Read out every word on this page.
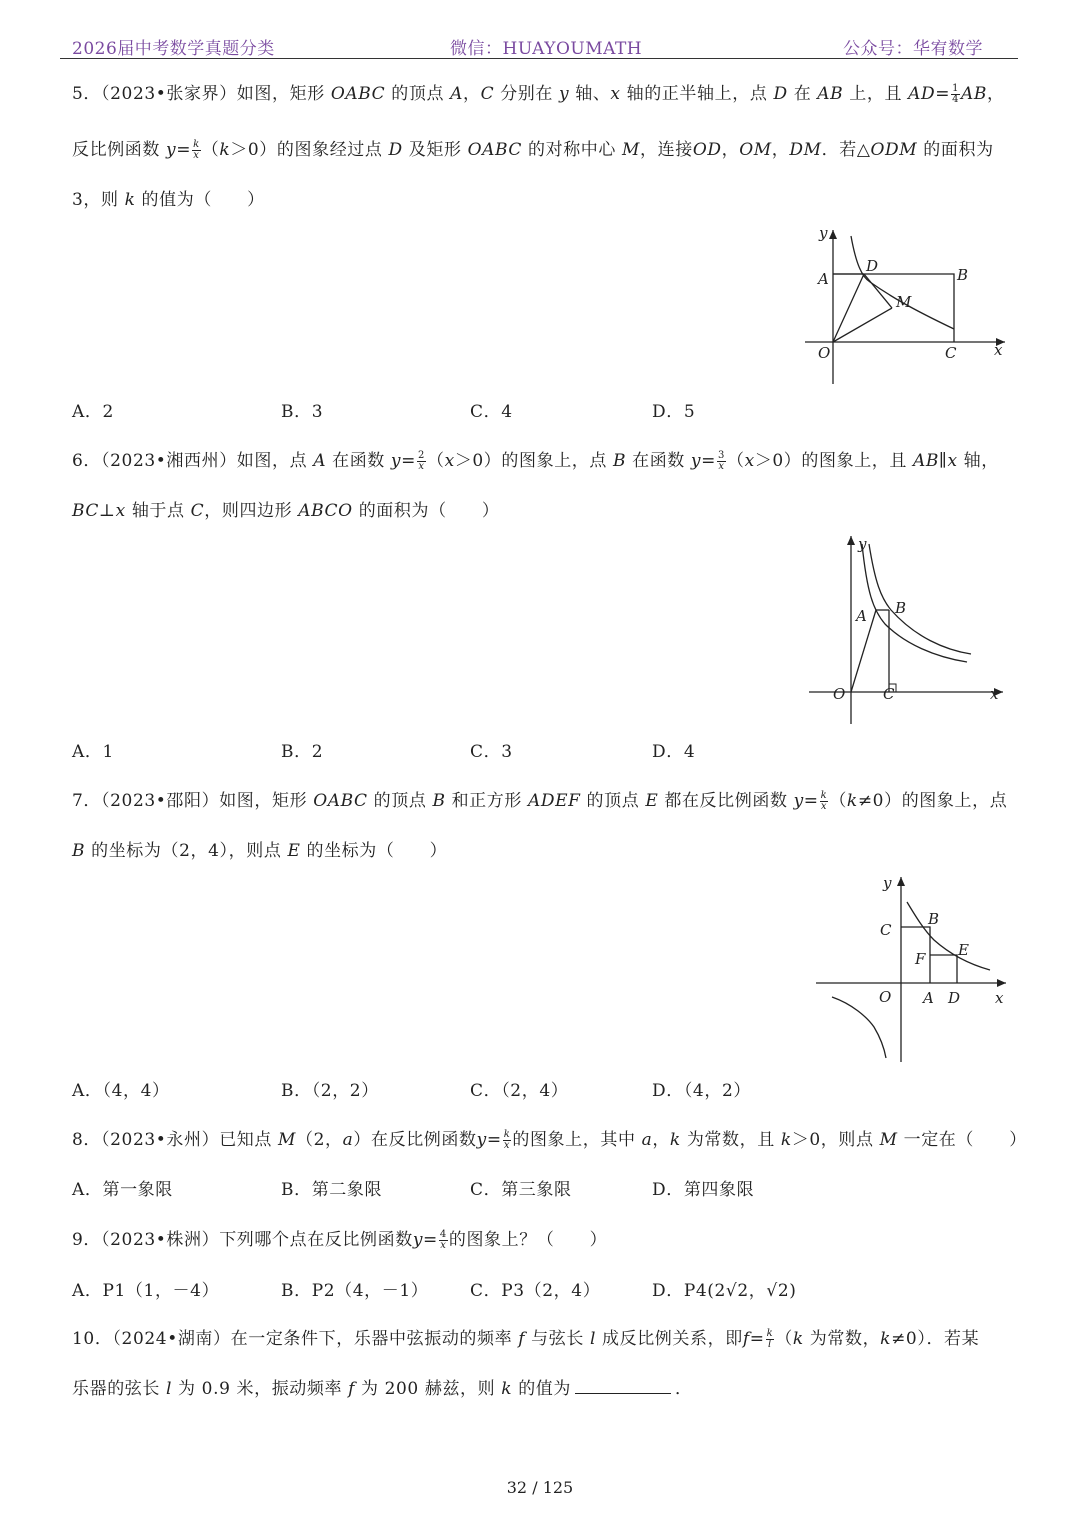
2026届中考数学真题分类	微信：HUAYOUMATH	公众号：华宥数学
5．（2023•张家界）如图，矩形 OABC 的顶点 A，C 分别在 y 轴、x 轴的正半轴上，点 D 在 AB 上，且 $AD= \frac{1}{4}$ AB，
反比例函数 $y= \frac{k}{x} (k>0)$的图象经过点 D 及矩形 OABC 的对称中心 M，连接OD，OM，DM．若△ODM 的面积为
3，则 k 的值为（　　）
y
A
D	B
M
O	C	x
A．2	B．3	C．4	D．5
6．（2023•湘西州）如图，点 A 在函数 $y= \frac{2}{x} (x>0)$的图象上，点 B 在函数 $y= \frac{3}{x} (x>0)$的图象上，且 AB∥x 轴，
BC⊥x 轴于点 C，则四边形 ABCO 的面积为（　　）
y
A B
O	C	x
A．1	B．2	C．3	D．4
7．（2023•邵阳）如图，矩形 OABC 的顶点 B 和正方形 ADEF 的顶点 E 都在反比例函数 $y= \frac{k}{x} (k\ne 0)$的图象上，点
B 的坐标为（2，4），则点 E 的坐标为（　　）
y
C
B
E
F
O A D x
A．（4，4）	B．（2，2）	C．（2，4）	D．（4，2）
8．（2023•永州）已知点 M（2，a）在反比例函数$y= \frac{k}{x}$ 的图象上，其中 a，k 为常数，且 k＞0，则点 M 一定在（　　）
A．第一象限	B．第二象限	C．第三象限	D．第四象限
9．（2023•株洲）下列哪个点在反比例函数$y= \frac{4}{x}$ 的图象上？（　　）
A．P1（1，－4）	B．P2（4，－1） C．P3（2，4）	D．P4(2√2，√2)
10．（2024•湖南）在一定条件下，乐器中弦振动的频率 f 与弦长 l 成反比例关系，即$f= \frac{k}{l} (k$ 为常数，k≠0）．若某
乐器的弦长 l 为 0.9 米，振动频率 f 为 200 赫兹，则 k 的值为	．
32 / 125
